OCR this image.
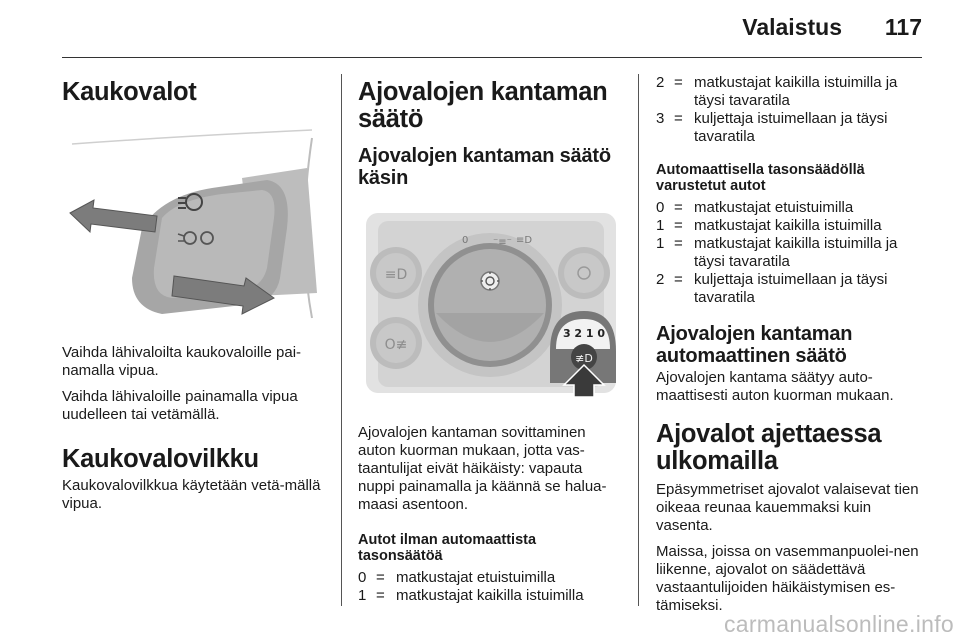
Valaistus 117
Kaukovalot

Vaihda lähivaloilta kaukovaloille pai-namalla vipua.

Vaihda lähivaloille painamalla vipua uudelleen tai vetämällä.

Kaukovalovilkku

Kaukovalovilkkua käytetään vetä-mällä vipua.

Ajovalojen kantaman säätö
Ajovalojen kantaman säätö käsin
≡D
O≢
0 ⁻≡⁻ ≡D
3 2 1 0
≢D

Ajovalojen kantaman sovittaminen auton kuorman mukaan, jotta vas-taantulijat eivät häikäisty: vapauta nuppi painamalla ja käännä se halua-maasi asentoon.

Autot ilman automaattista tasonsäätöä
0 = matkustajat etuistuimilla
1 = matkustajat kaikilla istuimilla
2 = matkustajat kaikilla istuimilla ja täysi tavaratila
3 = kuljettaja istuimellaan ja täysi tavaratila
Automaattisella tasonsäädöllä varustetut autot
0 = matkustajat etuistuimilla
1 = matkustajat kaikilla istuimilla
1 = matkustajat kaikilla istuimilla ja täysi tavaratila
2 = kuljettaja istuimellaan ja täysi tavaratila
Ajovalojen kantaman automaattinen säätö

Ajovalojen kantama säätyy auto-maattisesti auton kuorman mukaan.

Ajovalot ajettaessa ulkomailla

Epäsymmetriset ajovalot valaisevat tien oikeaa reunaa kauemmaksi kuin vasenta.

Maissa, joissa on vasemmanpuolei-nen liikenne, ajovalot on säädettävä vastaantulijoiden häikäistymisen es-tämiseksi.

carmanualsonline.info
